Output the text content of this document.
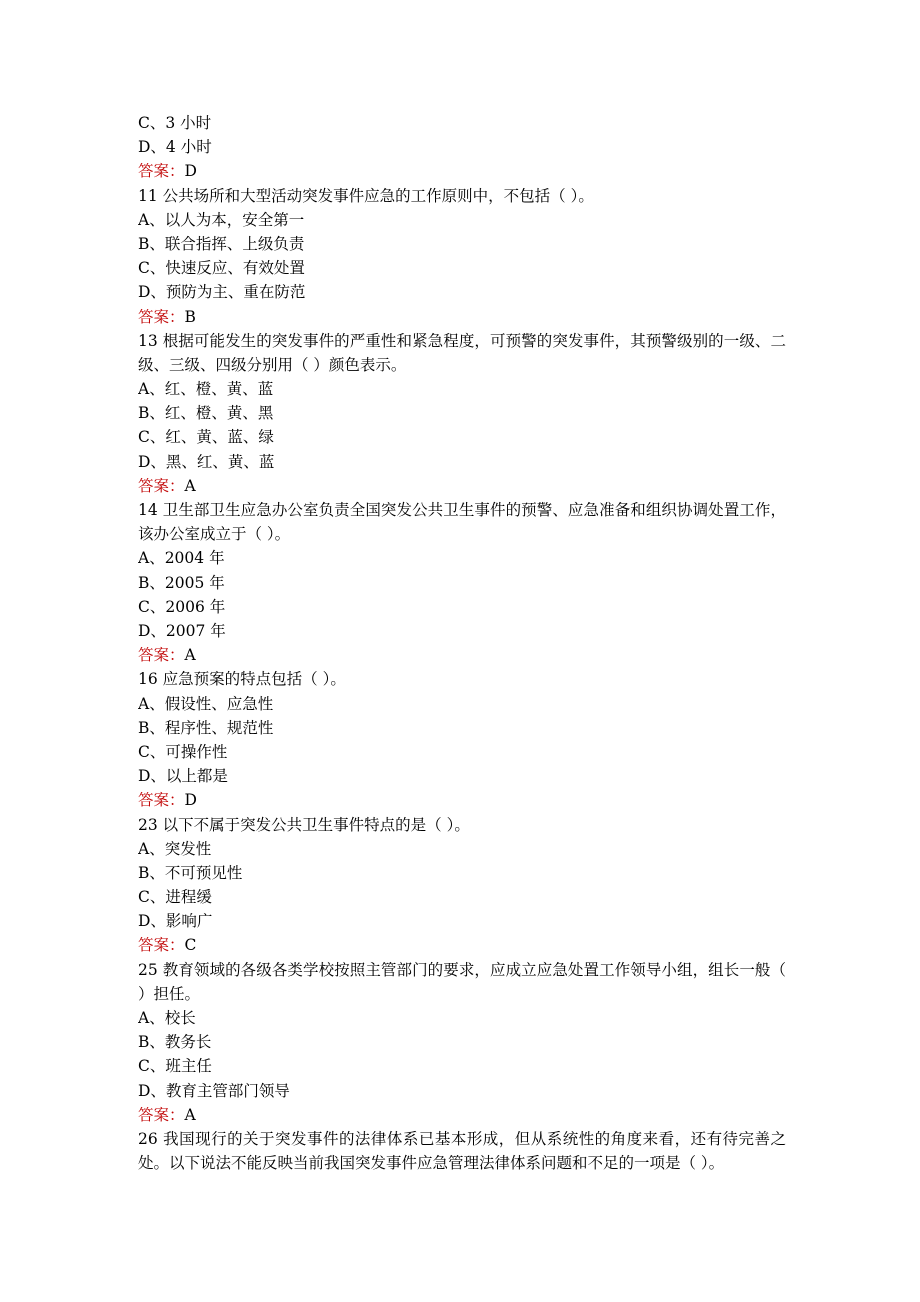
C、3 小时
D、4 小时
答案：D
11 公共场所和大型活动突发事件应急的工作原则中，不包括（ ）。
A、以人为本，安全第一
B、联合指挥、上级负责
C、快速反应、有效处置
D、预防为主、重在防范
答案：B
13 根据可能发生的突发事件的严重性和紧急程度，可预警的突发事件，其预警级别的一级、二级、三级、四级分别用（ ）颜色表示。
A、红、橙、黄、蓝
B、红、橙、黄、黑
C、红、黄、蓝、绿
D、黑、红、黄、蓝
答案：A
14 卫生部卫生应急办公室负责全国突发公共卫生事件的预警、应急准备和组织协调处置工作，该办公室成立于（ ）。
A、2004 年
B、2005 年
C、2006 年
D、2007 年
答案：A
16 应急预案的特点包括（ ）。
A、假设性、应急性
B、程序性、规范性
C、可操作性
D、以上都是
答案：D
23 以下不属于突发公共卫生事件特点的是（ ）。
A、突发性
B、不可预见性
C、进程缓
D、影响广
答案：C
25 教育领域的各级各类学校按照主管部门的要求，应成立应急处置工作领导小组，组长一般（ ）担任。
A、校长
B、教务长
C、班主任
D、教育主管部门领导
答案：A
26 我国现行的关于突发事件的法律体系已基本形成，但从系统性的角度来看，还有待完善之处。以下说法不能反映当前我国突发事件应急管理法律体系问题和不足的一项是（ ）。
